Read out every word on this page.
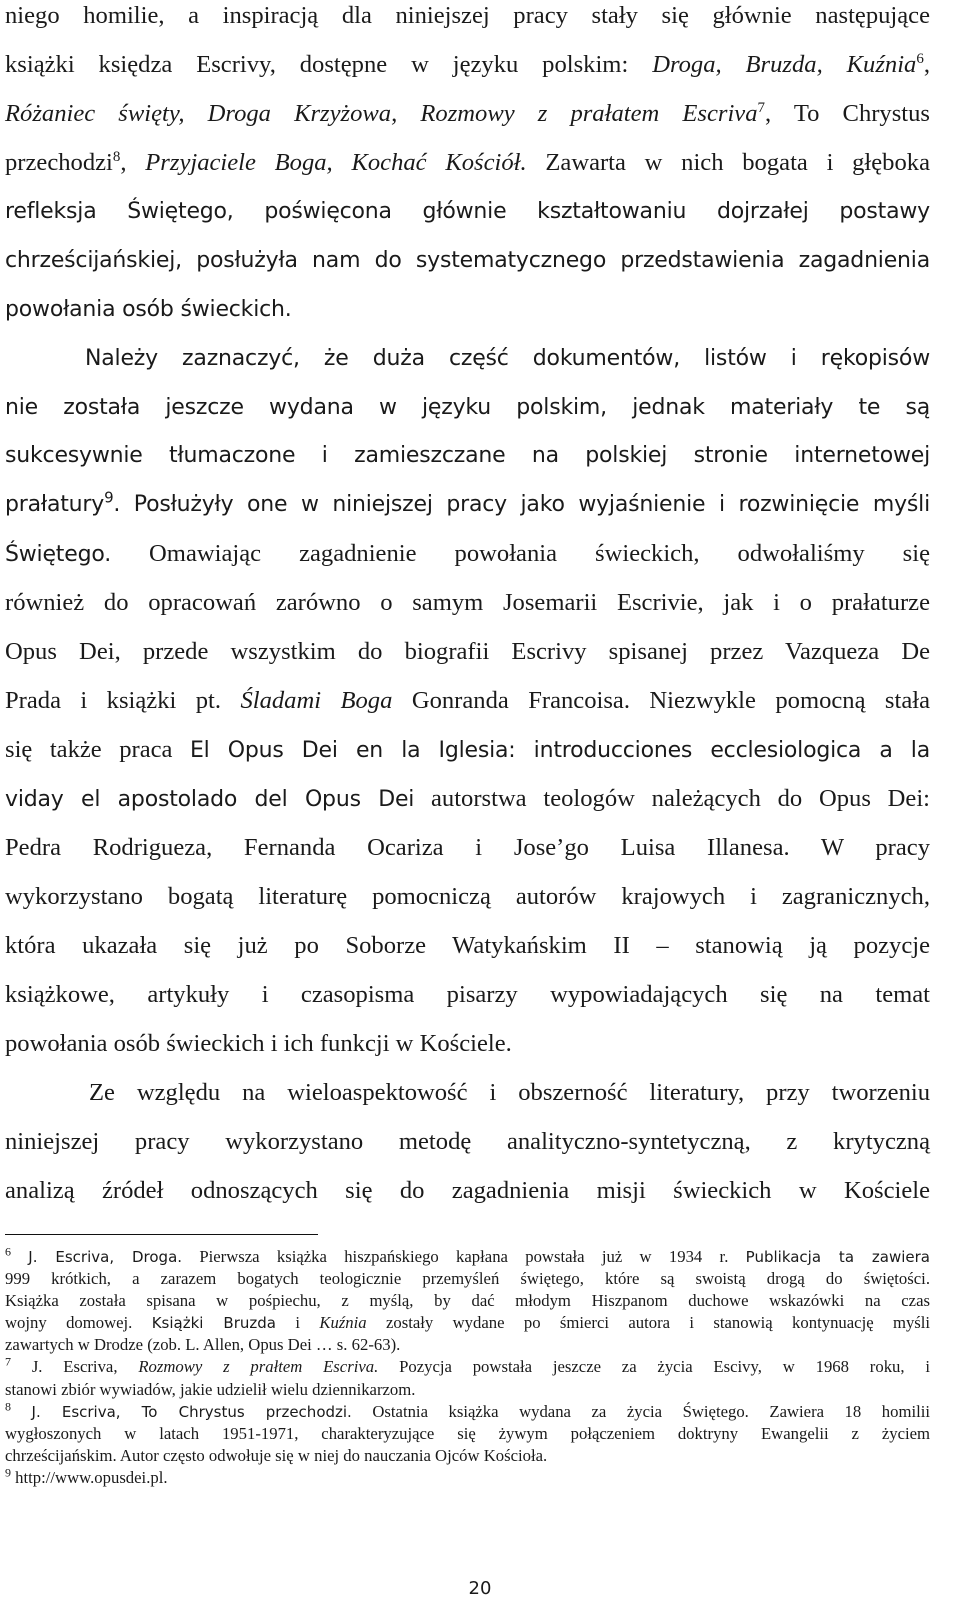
niego homilie, a inspiracją dla niniejszej pracy stały się głównie następujące
książki księdza Escrivy, dostępne w języku polskim: Droga, Bruzda, Kuźnia$^6$,
Różaniec święty, Droga Krzyżowa, Rozmowy z prałatem Escriva$^7$, To Chrystus
przechodzi$^8$, Przyjaciele Boga, Kochać Kościół. Zawarta w nich bogata i głęboka
refleksja Świętego, poświęcona głównie kształtowaniu dojrzałej postawy
chrześcijańskiej, posłużyła nam do systematycznego przedstawienia zagadnienia
powołania osób świeckich.
Należy zaznaczyć, że duża część dokumentów, listów i rękopisów
nie została jeszcze wydana w języku polskim, jednak materiały te są
sukcesywnie tłumaczone i zamieszczane na polskiej stronie internetowej
prałatury$^9$. Posłużyły one w niniejszej pracy jako wyjaśnienie i rozwinięcie myśli
Świętego. Omawiając zagadnienie powołania świeckich, odwołaliśmy się
również do opracowań zarówno o samym Josemarii Escrivie, jak i o prałaturze
Opus Dei, przede wszystkim do biografii Escrivy spisanej przez Vazqueza De
Prada i książki pt. Śladami Boga Gonranda Francoisa. Niezwykle pomocną stała
się także praca El Opus Dei en la Iglesia: introducciones ecclesiologica a la
viday el apostolado del Opus Dei autorstwa teologów należących do Opus Dei:
Pedra Rodrigueza, Fernanda Ocariza i Jose’go Luisa Illanesa. W pracy
wykorzystano bogatą literaturę pomocniczą autorów krajowych i zagranicznych,
która ukazała się już po Soborze Watykańskim II – stanowią ją pozycje
książkowe, artykuły i czasopisma pisarzy wypowiadających się na temat
powołania osób świeckich i ich funkcji w Kościele.
Ze względu na wieloaspektowość i obszerność literatury, przy tworzeniu
niniejszej pracy wykorzystano metodę analityczno-syntetyczną, z krytyczną
analizą źródeł odnoszących się do zagadnienia misji świeckich w Kościele
$^6$ J. Escriva, Droga. Pierwsza książka hiszpańskiego kapłana powstała już w 1934 r. Publikacja ta zawiera
999 krótkich, a zarazem bogatych teologicznie przemyśleń świętego, które są swoistą drogą do świętości.
Książka została spisana w pośpiechu, z myślą, by dać młodym Hiszpanom duchowe wskazówki na czas
wojny domowej. Książki Bruzda i Kuźnia zostały wydane po śmierci autora i stanowią kontynuację myśli
zawartych w Drodze (zob. L. Allen, Opus Dei … s. 62-63).
$^7$ J. Escriva, Rozmowy z prałtem Escriva. Pozycja powstała jeszcze za życia Escivy, w 1968 roku, i
stanowi zbiór wywiadów, jakie udzielił wielu dziennikarzom.
$^8$ J. Escriva, To Chrystus przechodzi. Ostatnia książka wydana za życia Świętego. Zawiera 18 homilii
wygłoszonych w latach 1951-1971, charakteryzujące się żywym połączeniem doktryny Ewangelii z życiem
chrześcijańskim. Autor często odwołuje się w niej do nauczania Ojców Kościoła.
$^9$ http://www.opusdei.pl.
20
